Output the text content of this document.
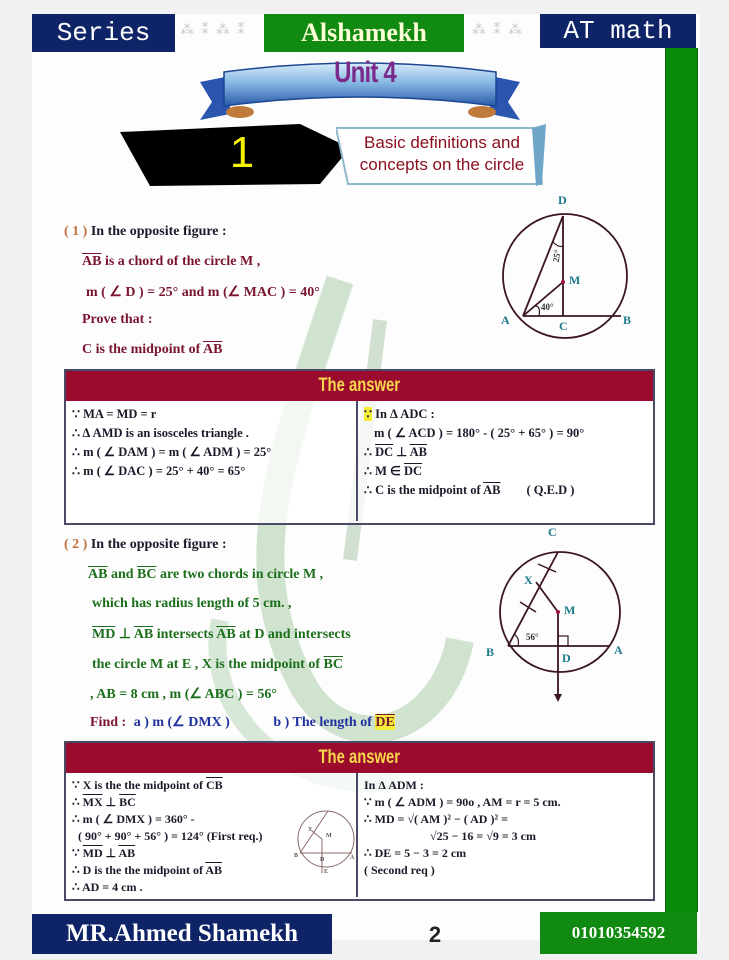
Series	⁂ ⁑ ⁂ ⁑	Alshamekh	⁂ ⁑ ⁂	AT math
Unit 4
1	Basic definitions and
concepts on the circle
( 1 ) In the opposite figure :
$\overline{AB}$ is a chord of the circle M ,
m ( ∠ D ) = 25° and m (∠ MAC ) = 40°
Prove that :
C is the midpoint of $\overline{AB}$
D
M
A	C	B
25°
40°
The answer
∵ MA = MD = r
∴ Δ AMD is an isosceles triangle .
∴ m ( ∠ DAM ) = m ( ∠ ADM ) = 25°
∴ m ( ∠ DAC ) = 25° + 40° = 65°
∵ In Δ ADC :
m ( ∠ ACD ) = 180° - ( 25° + 65° ) = 90°
∴ $\overline{DC}$ ⊥ $\overline{AB}$
∴ M ∈ $\overline{DC}$
∴ C is the midpoint of $\overline{AB}$ ( Q.E.D )
( 2 ) In the opposite figure :
$\overline{AB}$ and $\overline{BC}$ are two chords in circle M ,
which has radius length of 5 cm. ,
$\overline{MD}$ ⊥ $\overline{AB}$ intersects $\overline{AB}$ at D and intersects
the circle M at E , X is the midpoint of $\overline{BC}$
, AB = 8 cm , m (∠ ABC ) = 56°
Find : a ) m (∠ DMX )	b ) The length of $\overline{DE}$
C
X
M
B	D
A
56°
The answer
∵ X is the the midpoint of $\overline{CB}$
∴ $\overline{MX}$ ⊥ $\overline{BC}$
∴ m ( ∠ DMX ) = 360° -
( 90° + 90° + 56° ) = 124° (First req.)
∵ $\overline{MD}$ ⊥ $\overline{AB}$
∴ D is the the midpoint of $\overline{AB}$
∴ AD = 4 cm .
B
X
M
D	A
E
In Δ ADM :
∵ m ( ∠ ADM ) = 90o , AM = r = 5 cm.
∴ MD = √( AM )² − ( AD )² =
√25 − 16 = √9 = 3 cm
∴ DE = 5 − 3 = 2 cm
( Second req )
MR.Ahmed Shamekh	2	01010354592
